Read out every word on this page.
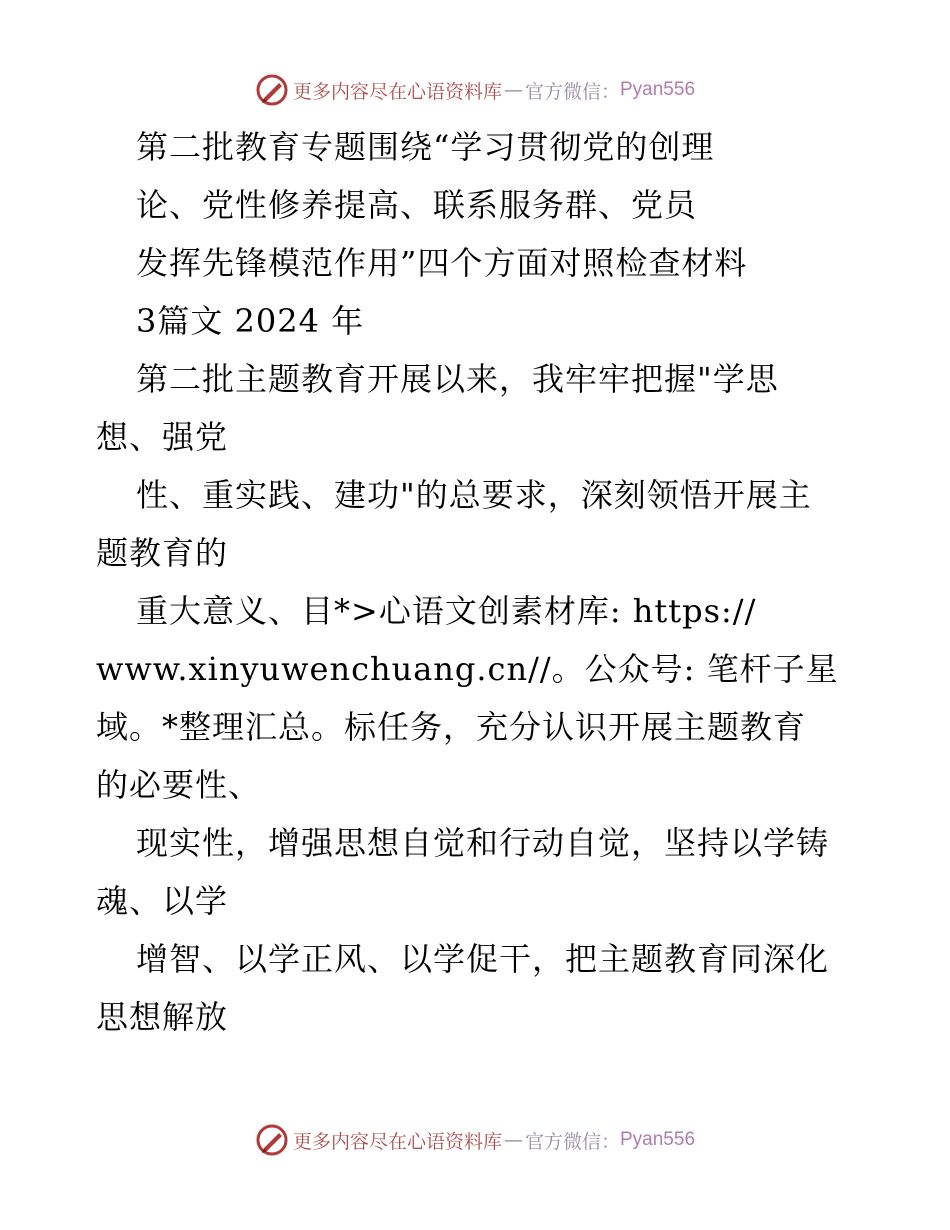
更多内容尽在心语资料库 — 官方微信： Pyan556
第二批教育专题围绕“学习贯彻党的创理
论、党性修养提高、联系服务群、党员
发挥先锋模范作用”四个方面对照检查材料
3篇文 2024 年
第二批主题教育开展以来，我牢牢把握"学思
想、强党
性、重实践、建功"的总要求，深刻领悟开展主
题教育的
重大意义、目*>心语文创素材库: https://
www.xinyuwenchuang.cn//。公众号: 笔杆子星
域。*整理汇总。标任务，充分认识开展主题教育
的必要性、
现实性，增强思想自觉和行动自觉，坚持以学铸
魂、以学
增智、以学正风、以学促干，把主题教育同深化
思想解放
更多内容尽在心语资料库 — 官方微信： Pyan556
